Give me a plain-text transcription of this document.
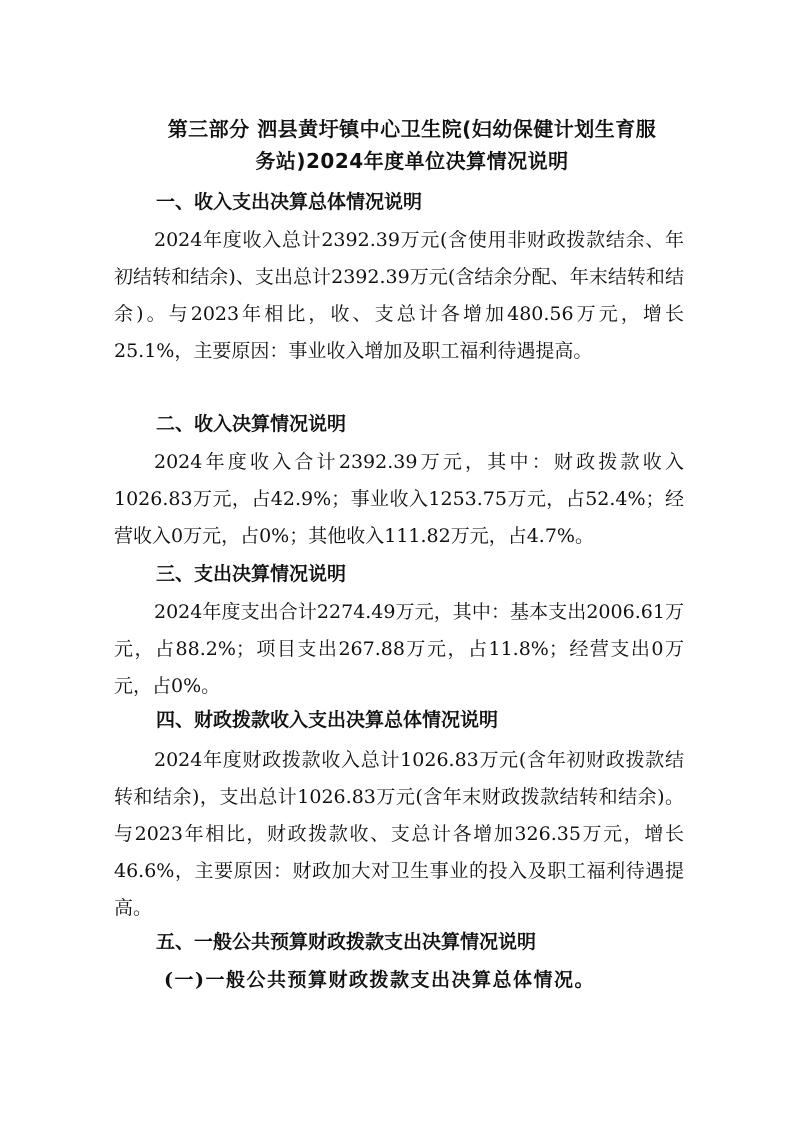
第三部分 泗县黄圩镇中心卫生院(妇幼保健计划生育服
务站)2024年度单位决算情况说明
一、收入支出决算总体情况说明
2024年度收入总计2392.39万元(含使用非财政拨款结余、年初结转和结余)、支出总计2392.39万元(含结余分配、年末结转和结余)。与2023年相比，收、支总计各增加480.56万元，增长25.1%，主要原因：事业收入增加及职工福利待遇提高。
二、收入决算情况说明
2024年度收入合计2392.39万元，其中：财政拨款收入1026.83万元，占42.9%；事业收入1253.75万元，占52.4%；经营收入0万元，占0%；其他收入111.82万元，占4.7%。
三、支出决算情况说明
2024年度支出合计2274.49万元，其中：基本支出2006.61万元，占88.2%；项目支出267.88万元，占11.8%；经营支出0万元，占0%。
四、财政拨款收入支出决算总体情况说明
2024年度财政拨款收入总计1026.83万元(含年初财政拨款结转和结余)，支出总计1026.83万元(含年末财政拨款结转和结余)。与2023年相比，财政拨款收、支总计各增加326.35万元，增长46.6%，主要原因：财政加大对卫生事业的投入及职工福利待遇提高。
五、一般公共预算财政拨款支出决算情况说明
(一)一般公共预算财政拨款支出决算总体情况。
